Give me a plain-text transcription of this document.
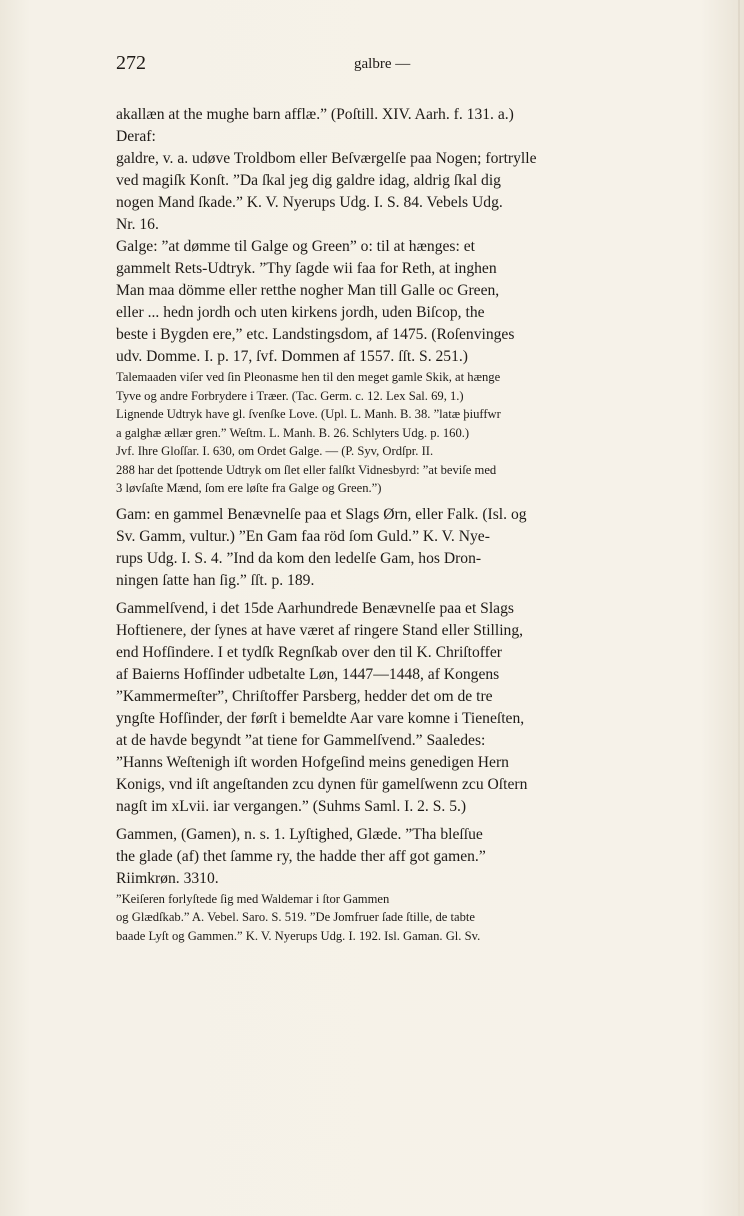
272	galbre —
akallæn at the mughe barn afflæ.” (Poſtill. XIV. Aarh. f. 131. a.)
Deraf:
galdre, v. a. udøve Troldbom eller Beſværgelſe paa Nogen; fortrylle
ved magiſk Konſt. ”Da ſkal jeg dig galdre idag, aldrig ſkal dig
nogen Mand ſkade.” K. V. Nyerups Udg. I. S. 84. Vebels Udg.
Nr. 16.
Galge: ”at dømme til Galge og Green” o: til at hænges: et
gammelt Rets-Udtryk. ”Thy ſagde wii faa for Reth, at inghen
Man maa dömme eller retthe nogher Man till Galle oc Green,
eller ... hedn jordh och uten kirkens jordh, uden Biſcop, the
beste i Bygden ere,” etc. Landstingsdom, af 1475. (Roſenvinges
udv. Domme. I. p. 17, ſvf. Dommen af 1557. ſſt. S. 251.)
Talemaaden viſer ved ſin Pleonasme hen til den meget gamle Skik, at hænge
Tyve og andre Forbrydere i Træer. (Tac. Germ. c. 12. Lex Sal. 69, 1.)
Lignende Udtryk have gl. ſvenſke Love. (Upl. L. Manh. B. 38. ”latæ þiuffwr
a galghæ ællær gren.” Weſtm. L. Manh. B. 26. Schlyters Udg. p. 160.)
Jvf. Ihre Gloſſar. I. 630, om Ordet Galge. — (P. Syv, Ordſpr. II.
288 har det ſpottende Udtryk om ſlet eller falſkt Vidnesbyrd: ”at beviſe med
3 løvſaſte Mænd, ſom ere løſte fra Galge og Green.”)
Gam: en gammel Benævnelſe paa et Slags Ørn, eller Falk. (Isl. og
Sv. Gamm, vultur.) ”En Gam faa röd ſom Guld.” K. V. Nye-
rups Udg. I. S. 4. ”Ind da kom den ledelſe Gam, hos Dron-
ningen ſatte han ſig.” ſſt. p. 189.
Gammelſvend, i det 15de Aarhundrede Benævnelſe paa et Slags
Hoftienere, der ſynes at have været af ringere Stand eller Stilling,
end Hofſindere. I et tydſk Regnſkab over den til K. Chriſtoffer
af Baierns Hofſinder udbetalte Løn, 1447—1448, af Kongens
”Kammermeſter”, Chriſtoffer Parsberg, hedder det om de tre
yngſte Hofſinder, der førſt i bemeldte Aar vare komne i Tieneſten,
at de havde begyndt ”at tiene for Gammelſvend.” Saaledes:
”Hanns Weſtenigh iſt worden Hofgeſind meins genedigen Hern
Konigs, vnd iſt angeſtanden zcu dynen für gamelſwenn zcu Oſtern
nagſt im xLvii. iar vergangen.” (Suhms Saml. I. 2. S. 5.)
Gammen, (Gamen), n. s. 1. Lyſtighed, Glæde. ”Tha bleſſue
the glade (af) thet ſamme ry, the hadde ther aff got gamen.”
Riimkrøn. 3310.
”Keiſeren forlyſtede ſig med Waldemar i ſtor Gammen
og Glædſkab.” A. Vebel. Saro. S. 519. ”De Jomfruer ſade ſtille, de tabte
baade Lyſt og Gammen.” K. V. Nyerups Udg. I. 192. Isl. Gaman. Gl. Sv.
